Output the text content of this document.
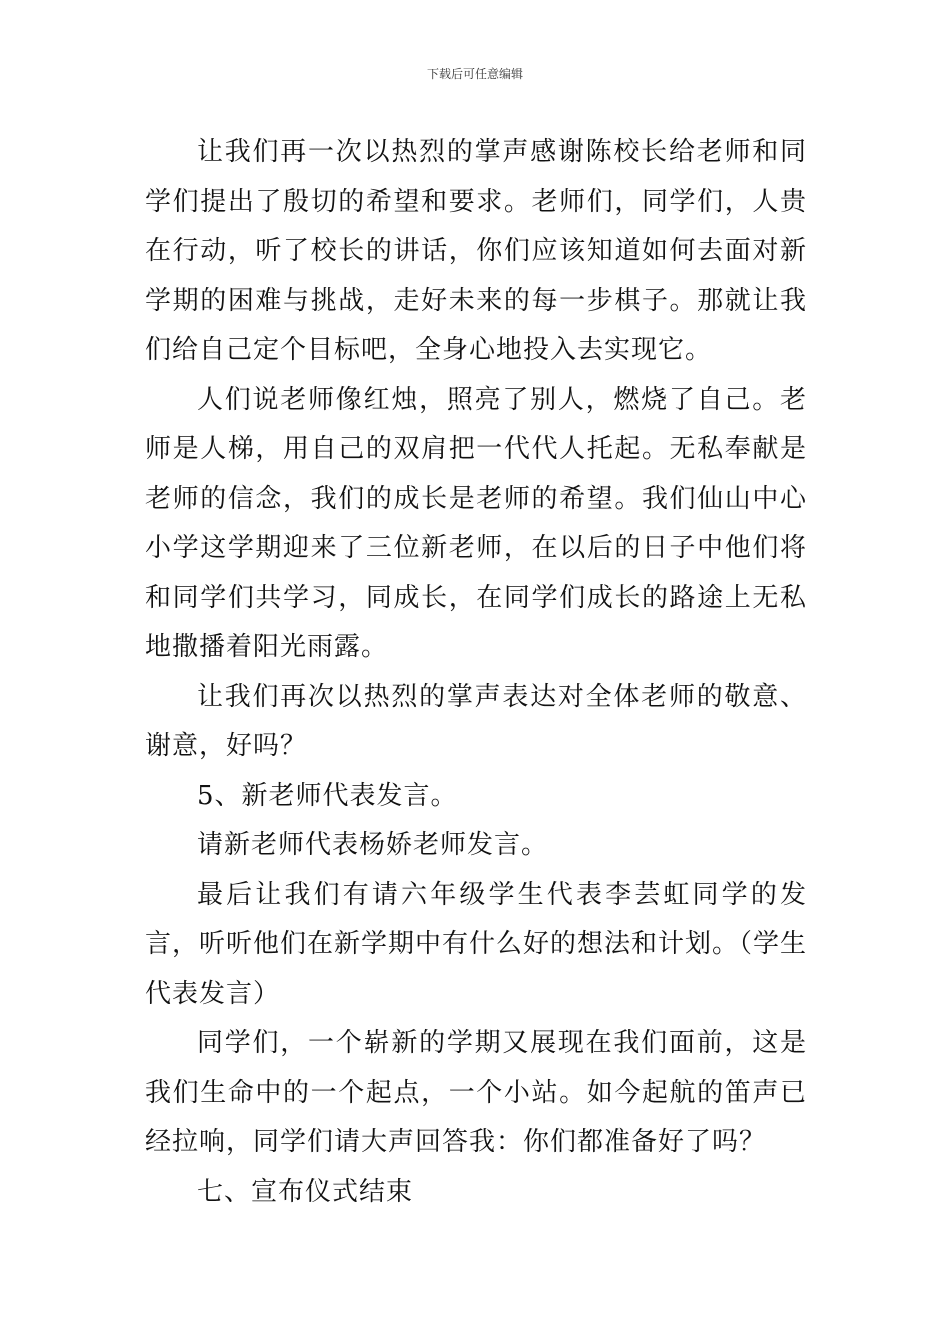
下载后可任意编辑

让我们再一次以热烈的掌声感谢陈校长给老师和同学们提出了殷切的希望和要求。老师们，同学们，人贵在行动，听了校长的讲话，你们应该知道如何去面对新学期的困难与挑战，走好未来的每一步棋子。那就让我们给自己定个目标吧，全身心地投入去实现它。

人们说老师像红烛，照亮了别人，燃烧了自己。老师是人梯，用自己的双肩把一代代人托起。无私奉献是老师的信念，我们的成长是老师的希望。我们仙山中心小学这学期迎来了三位新老师，在以后的日子中他们将和同学们共学习，同成长，在同学们成长的路途上无私地撒播着阳光雨露。

让我们再次以热烈的掌声表达对全体老师的敬意、谢意，好吗？

5、新老师代表发言。

请新老师代表杨娇老师发言。

最后让我们有请六年级学生代表李芸虹同学的发言，听听他们在新学期中有什么好的想法和计划。（学生代表发言）

同学们，一个崭新的学期又展现在我们面前，这是我们生命中的一个起点，一个小站。如今起航的笛声已经拉响，同学们请大声回答我：你们都准备好了吗？

七、宣布仪式结束
